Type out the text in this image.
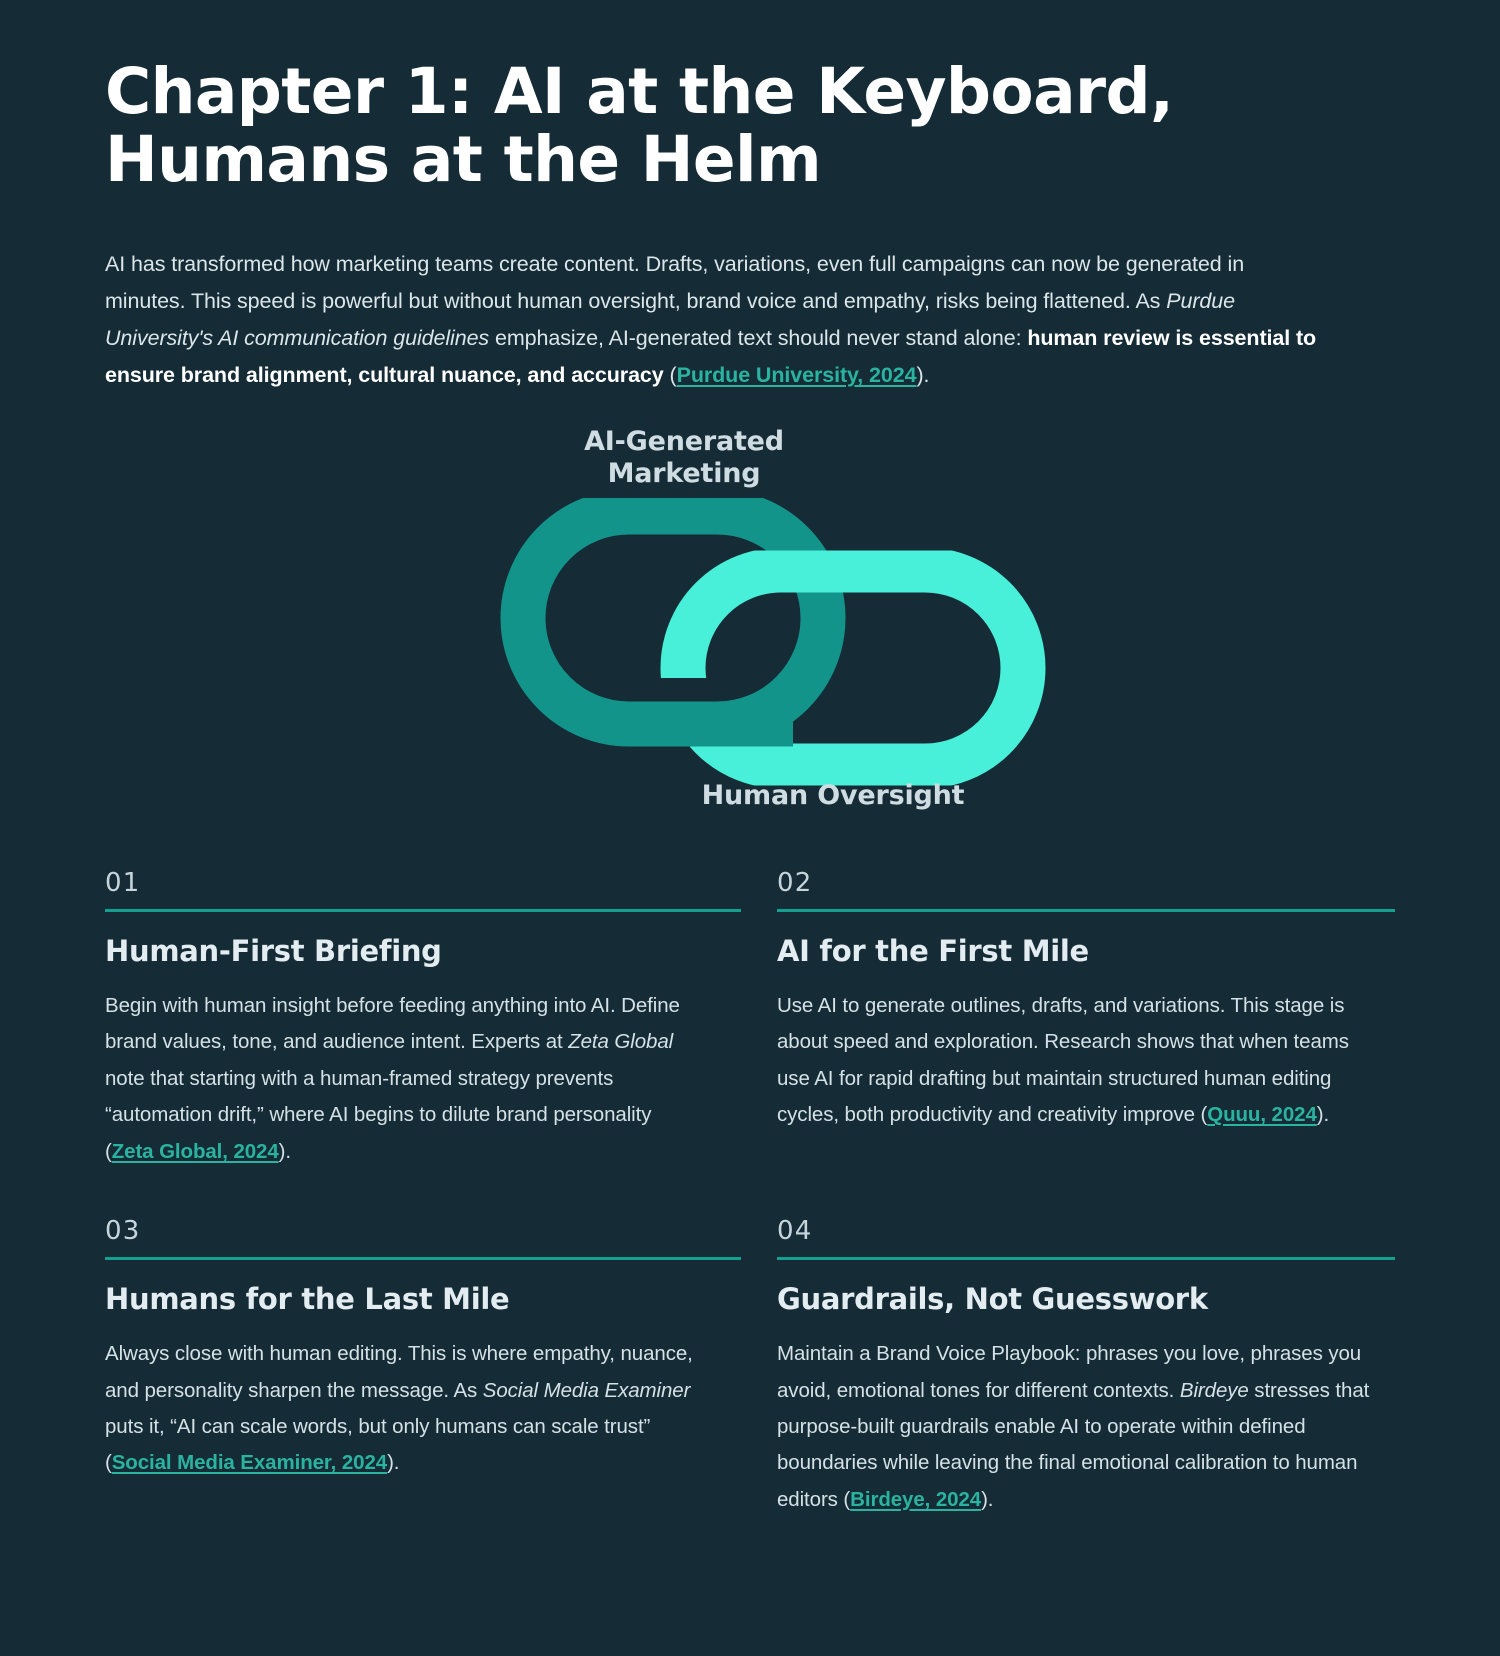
Chapter 1: AI at the Keyboard, Humans at the Helm

AI has transformed how marketing teams create content. Drafts, variations, even full campaigns can now be generated in minutes. This speed is powerful but without human oversight, brand voice and empathy, risks being flattened. As Purdue University's AI communication guidelines emphasize, AI-generated text should never stand alone: human review is essential to ensure brand alignment, cultural nuance, and accuracy (Purdue University, 2024).

AI-Generated Marketing
Human Oversight
01
Human-First Briefing

Begin with human insight before feeding anything into AI. Define brand values, tone, and audience intent. Experts at Zeta Global note that starting with a human-framed strategy prevents “automation drift,” where AI begins to dilute brand personality(Zeta Global, 2024).

02
AI for the First Mile

Use AI to generate outlines, drafts, and variations. This stage is about speed and exploration. Research shows that when teams use AI for rapid drafting but maintain structured human editing cycles, both productivity and creativity improve (Quuu, 2024).

03
Humans for the Last Mile

Always close with human editing. This is where empathy, nuance, and personality sharpen the message. As Social Media Examiner puts it, “AI can scale words, but only humans can scale trust”(Social Media Examiner, 2024).

04
Guardrails, Not Guesswork

Maintain a Brand Voice Playbook: phrases you love, phrases you avoid, emotional tones for different contexts. Birdeye stresses that purpose-built guardrails enable AI to operate within defined boundaries while leaving the final emotional calibration to human editors (Birdeye, 2024).
